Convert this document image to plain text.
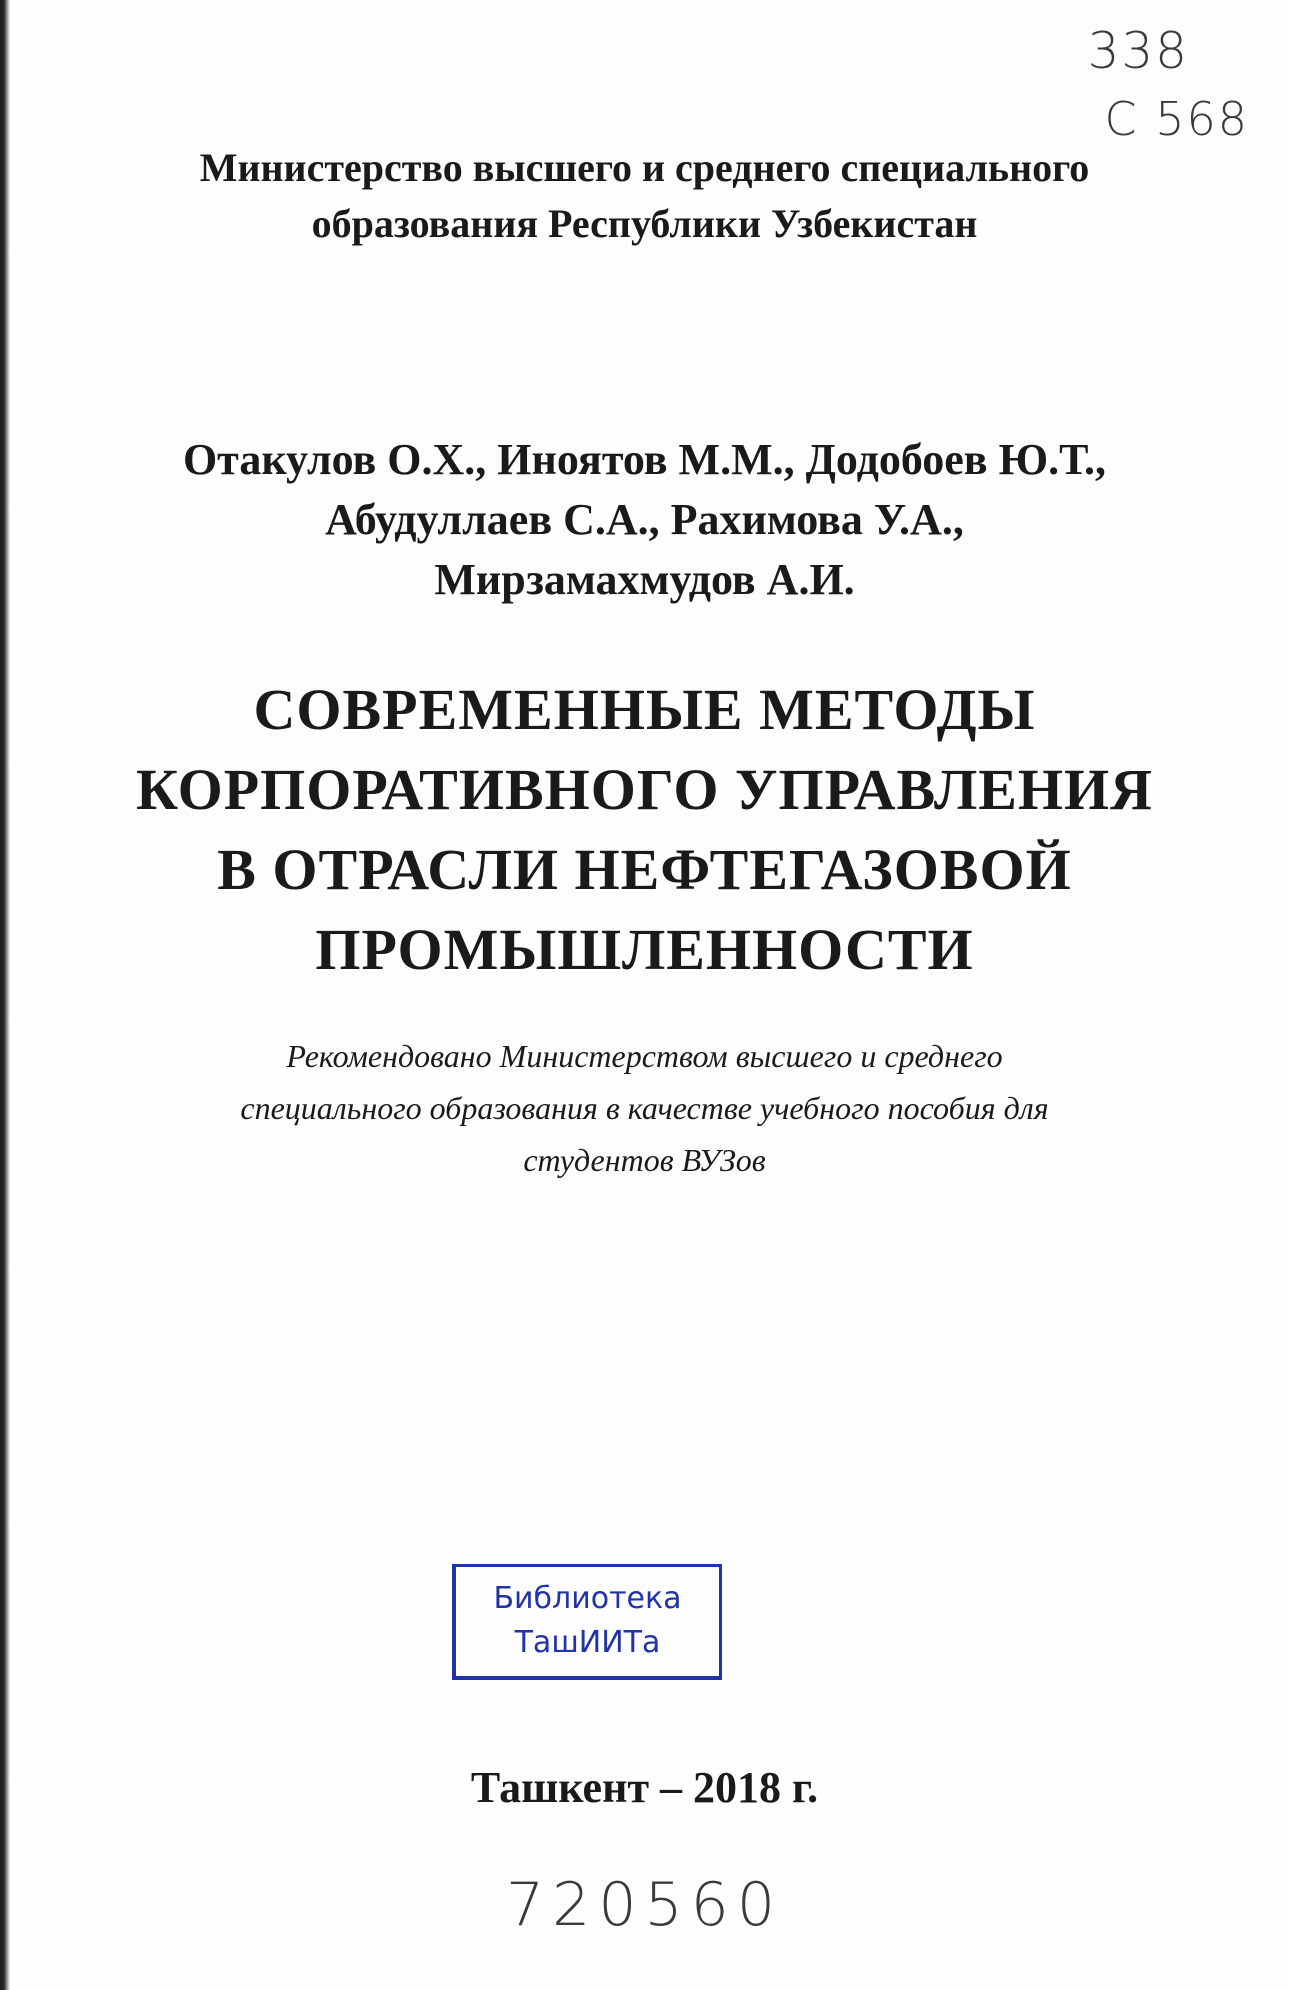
338
С 568
Министерство высшего и среднего специального
образования Республики Узбекистан
Отакулов О.Х., Иноятов М.М., Додобоев Ю.Т.,
Абудуллаев С.А., Рахимова У.А.,
Мирзамахмудов А.И.
СОВРЕМЕННЫЕ МЕТОДЫ
КОРПОРАТИВНОГО УПРАВЛЕНИЯ
В ОТРАСЛИ НЕФТЕГАЗОВОЙ
ПРОМЫШЛЕННОСТИ
Рекомендовано Министерством высшего и среднего
специального образования в качестве учебного пособия для
студентов ВУЗов
Библиотека
ТашИИТа
Ташкент – 2018 г.
720560
